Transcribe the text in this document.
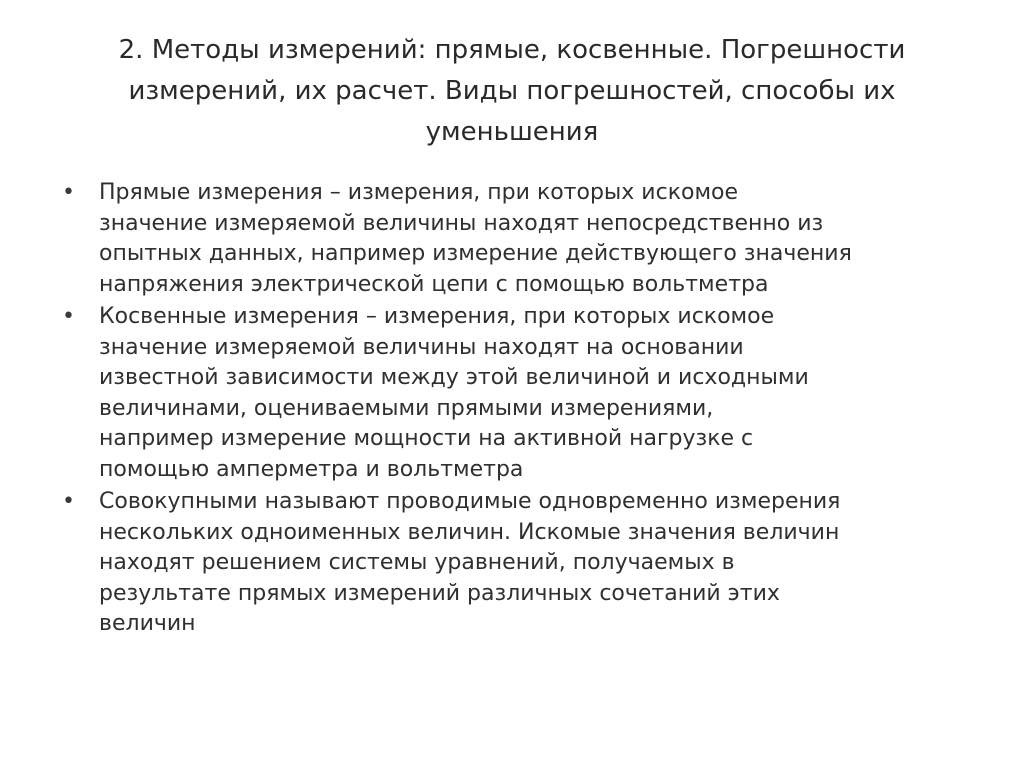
2. Методы измерений: прямые, косвенные. Погрешности
измерений, их расчет. Виды погрешностей, способы их
уменьшения
• Прямые измерения – измерения, при которых искомое
значение измеряемой величины находят непосредственно из
опытных данных, например измерение действующего значения
напряжения электрической цепи с помощью вольтметра
• Косвенные измерения – измерения, при которых искомое
значение измеряемой величины находят на основании
известной зависимости между этой величиной и исходными
величинами, оцениваемыми прямыми измерениями,
например измерение мощности на активной нагрузке с
помощью амперметра и вольтметра
• Совокупными называют проводимые одновременно измерения
нескольких одноименных величин. Искомые значения величин
находят решением системы уравнений, получаемых в
результате прямых измерений различных сочетаний этих
величин
